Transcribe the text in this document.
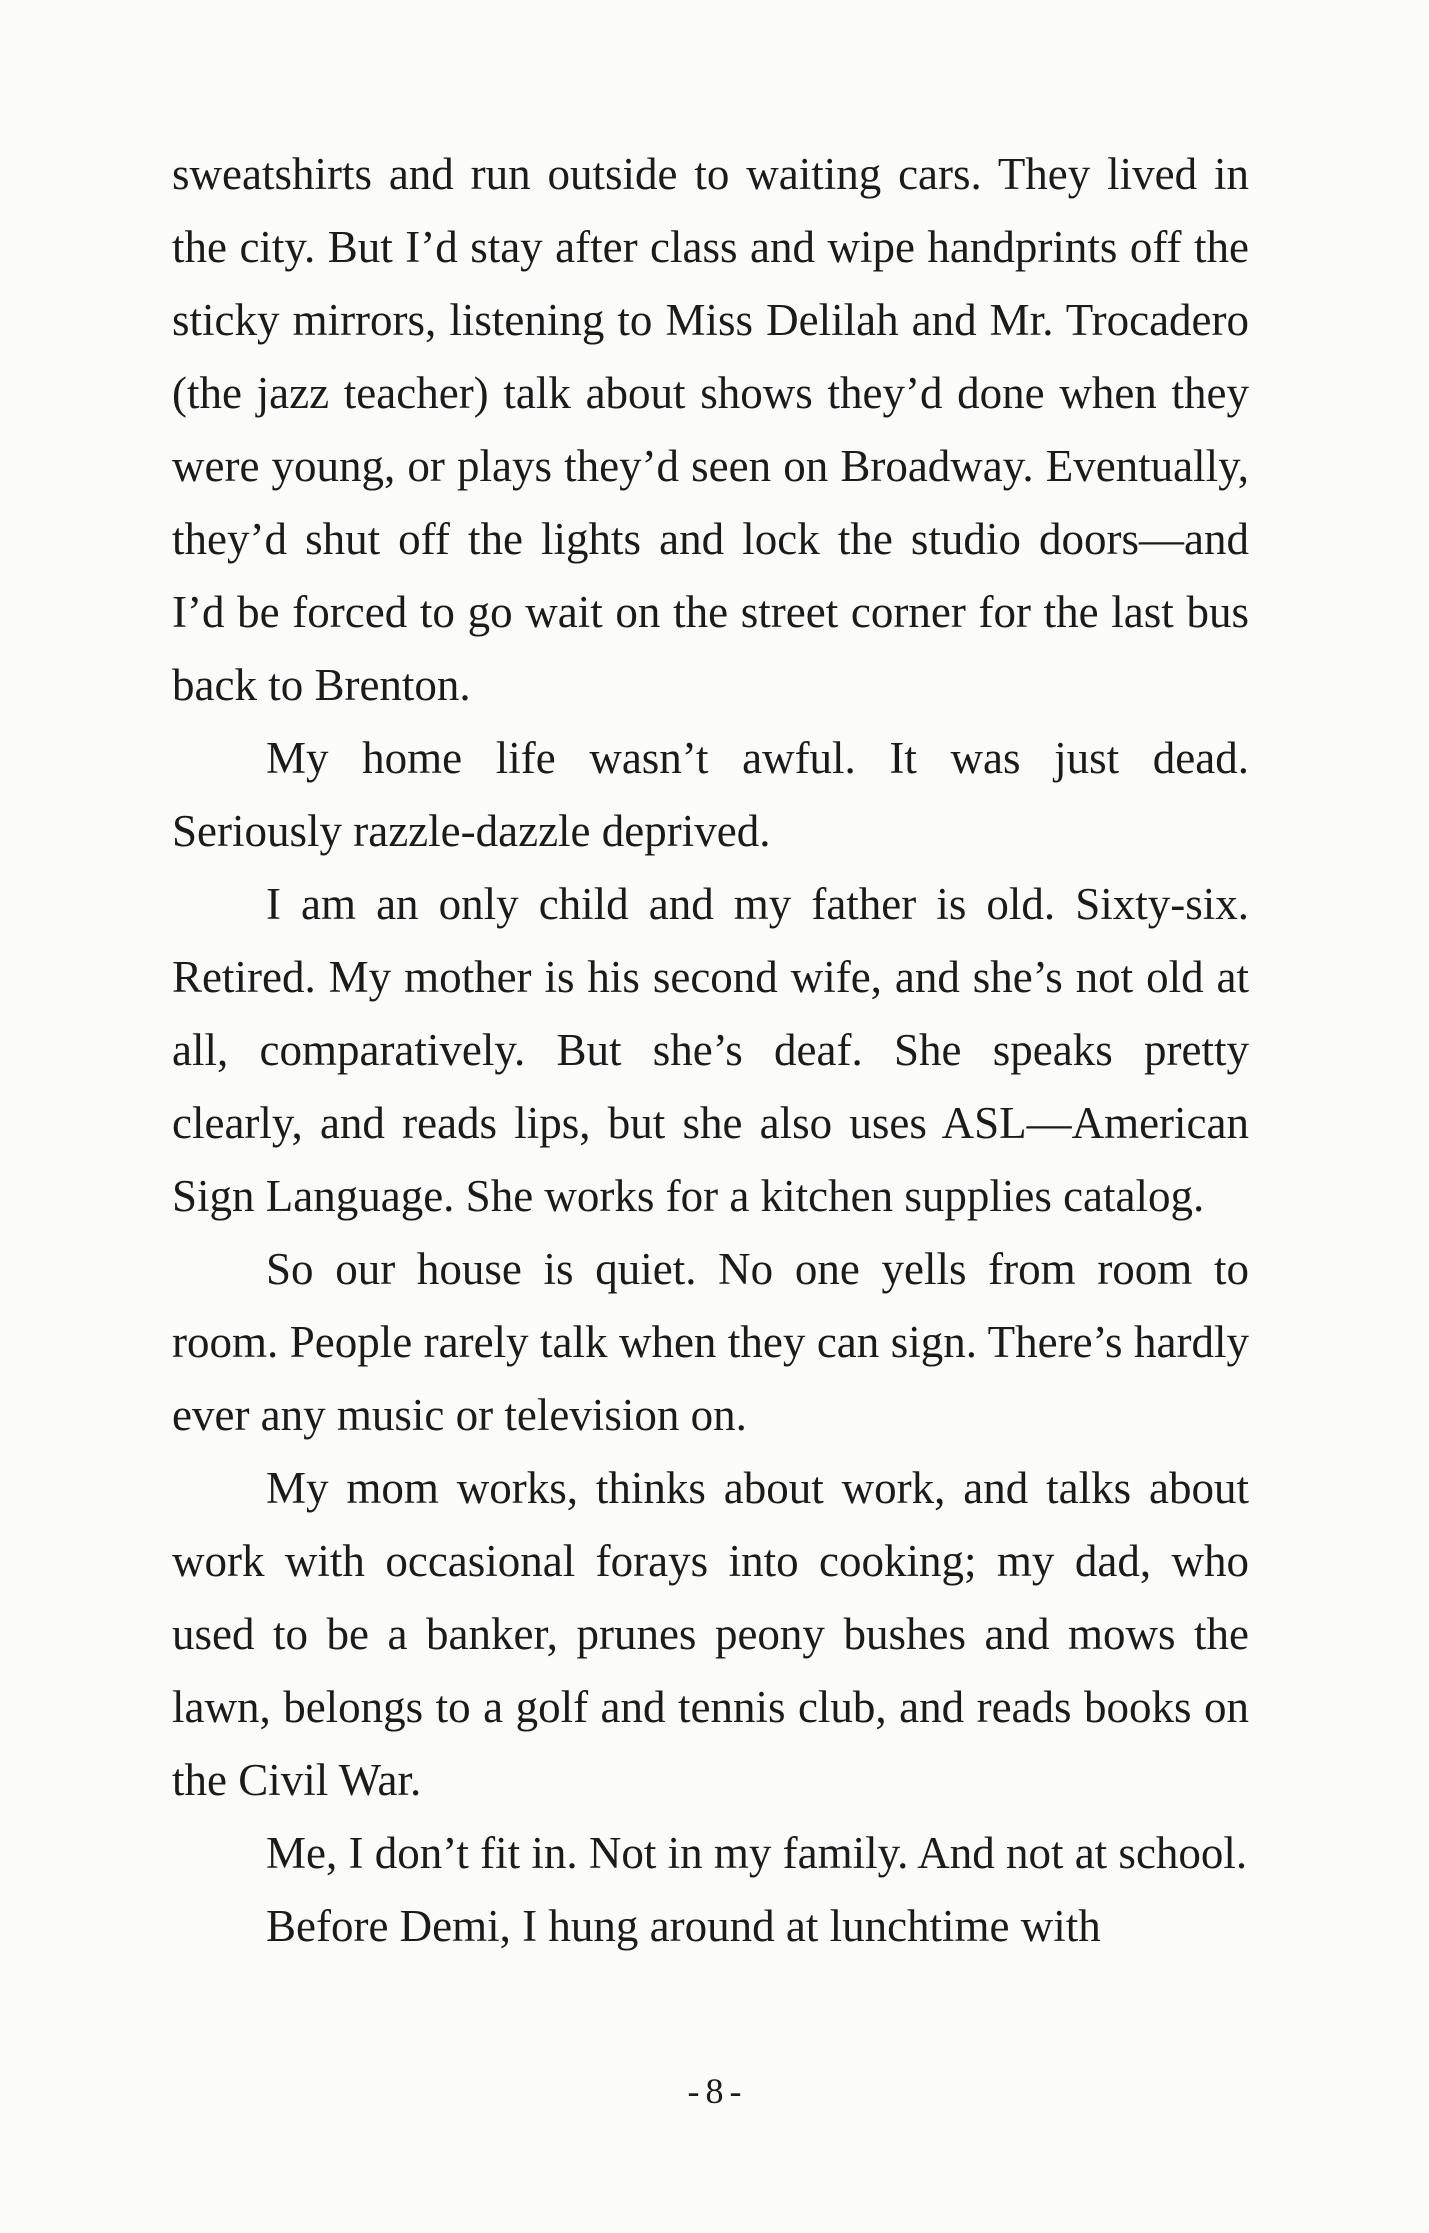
sweatshirts and run outside to waiting cars. They lived in the city. But I’d stay after class and wipe handprints off the sticky mirrors, listening to Miss Delilah and Mr. Trocadero (the jazz teacher) talk about shows they’d done when they were young, or plays they’d seen on Broadway. Eventually, they’d shut off the lights and lock the studio doors—and I’d be forced to go wait on the street corner for the last bus back to Brenton.

My home life wasn’t awful. It was just dead. Seriously razzle-dazzle deprived.

I am an only child and my father is old. Sixty-six. Retired. My mother is his second wife, and she’s not old at all, comparatively. But she’s deaf. She speaks pretty clearly, and reads lips, but she also uses ASL—American Sign Language. She works for a kitchen supplies catalog.

So our house is quiet. No one yells from room to room. People rarely talk when they can sign. There’s hardly ever any music or television on.

My mom works, thinks about work, and talks about work with occasional forays into cooking; my dad, who used to be a banker, prunes peony bushes and mows the lawn, belongs to a golf and tennis club, and reads books on the Civil War.

Me, I don’t fit in. Not in my family. And not at school.

Before Demi, I hung around at lunchtime with

- 8 -
